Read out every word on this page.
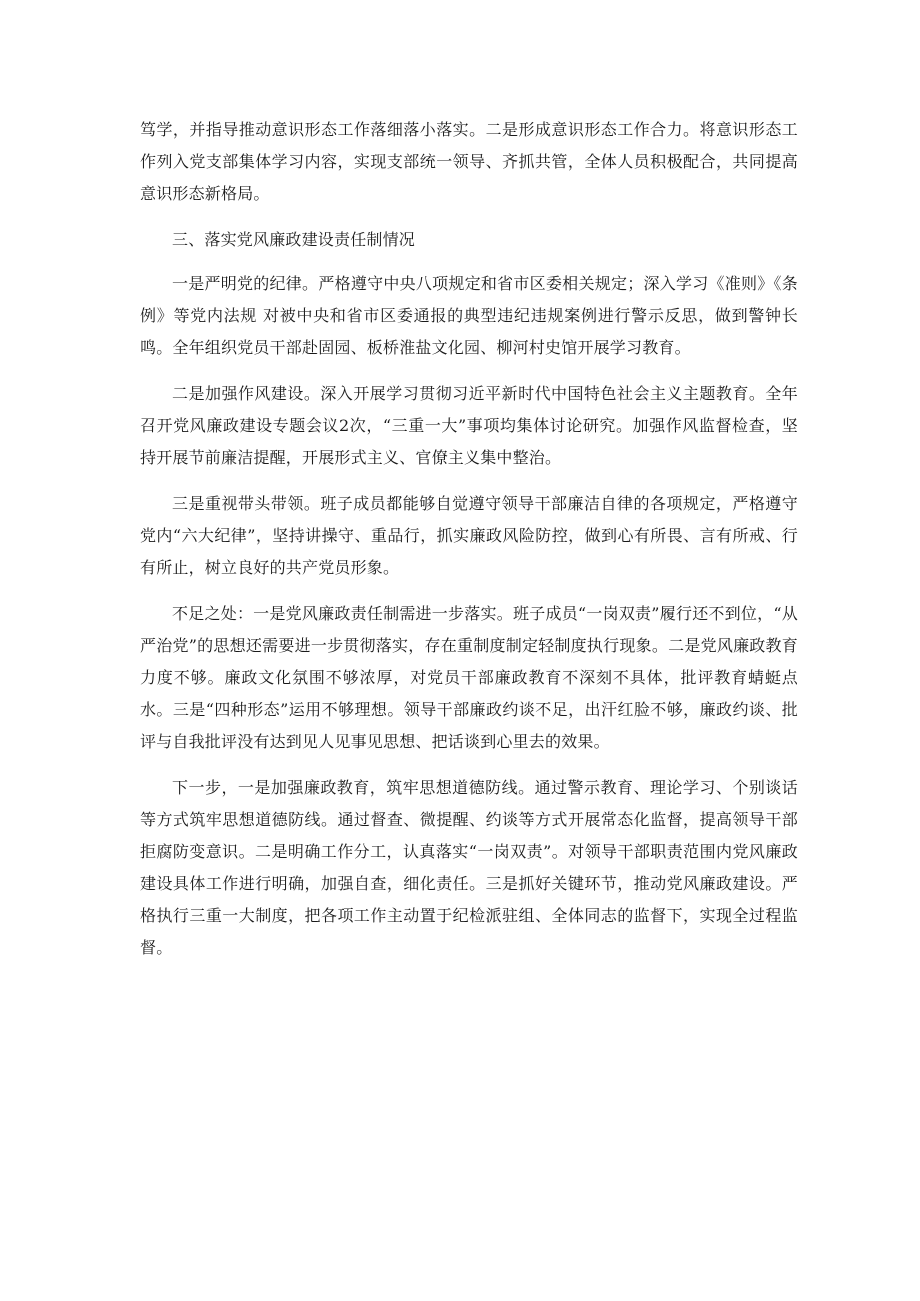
笃学，并指导推动意识形态工作落细落小落实。二是形成意识形态工作合力。将意识形态工作列入党支部集体学习内容，实现支部统一领导、齐抓共管，全体人员积极配合，共同提高意识形态新格局。

三、落实党风廉政建设责任制情况

一是严明党的纪律。严格遵守中央八项规定和省市区委相关规定；深入学习《准则》《条例》等党内法规 对被中央和省市区委通报的典型违纪违规案例进行警示反思，做到警钟长鸣。全年组织党员干部赴固园、板桥淮盐文化园、柳河村史馆开展学习教育。

二是加强作风建设。深入开展学习贯彻习近平新时代中国特色社会主义主题教育。全年召开党风廉政建设专题会议2次，“三重一大”事项均集体讨论研究。加强作风监督检查，坚持开展节前廉洁提醒，开展形式主义、官僚主义集中整治。

三是重视带头带领。班子成员都能够自觉遵守领导干部廉洁自律的各项规定，严格遵守党内“六大纪律”，坚持讲操守、重品行，抓实廉政风险防控，做到心有所畏、言有所戒、行有所止，树立良好的共产党员形象。

不足之处：一是党风廉政责任制需进一步落实。班子成员“一岗双责”履行还不到位，“从严治党”的思想还需要进一步贯彻落实，存在重制度制定轻制度执行现象。二是党风廉政教育力度不够。廉政文化氛围不够浓厚，对党员干部廉政教育不深刻不具体，批评教育蜻蜓点水。三是“四种形态”运用不够理想。领导干部廉政约谈不足，出汗红脸不够，廉政约谈、批评与自我批评没有达到见人见事见思想、把话谈到心里去的效果。

下一步，一是加强廉政教育，筑牢思想道德防线。通过警示教育、理论学习、个别谈话等方式筑牢思想道德防线。通过督查、微提醒、约谈等方式开展常态化监督，提高领导干部拒腐防变意识。二是明确工作分工，认真落实“一岗双责”。对领导干部职责范围内党风廉政建设具体工作进行明确，加强自查，细化责任。三是抓好关键环节，推动党风廉政建设。严格执行三重一大制度，把各项工作主动置于纪检派驻组、全体同志的监督下，实现全过程监督。
